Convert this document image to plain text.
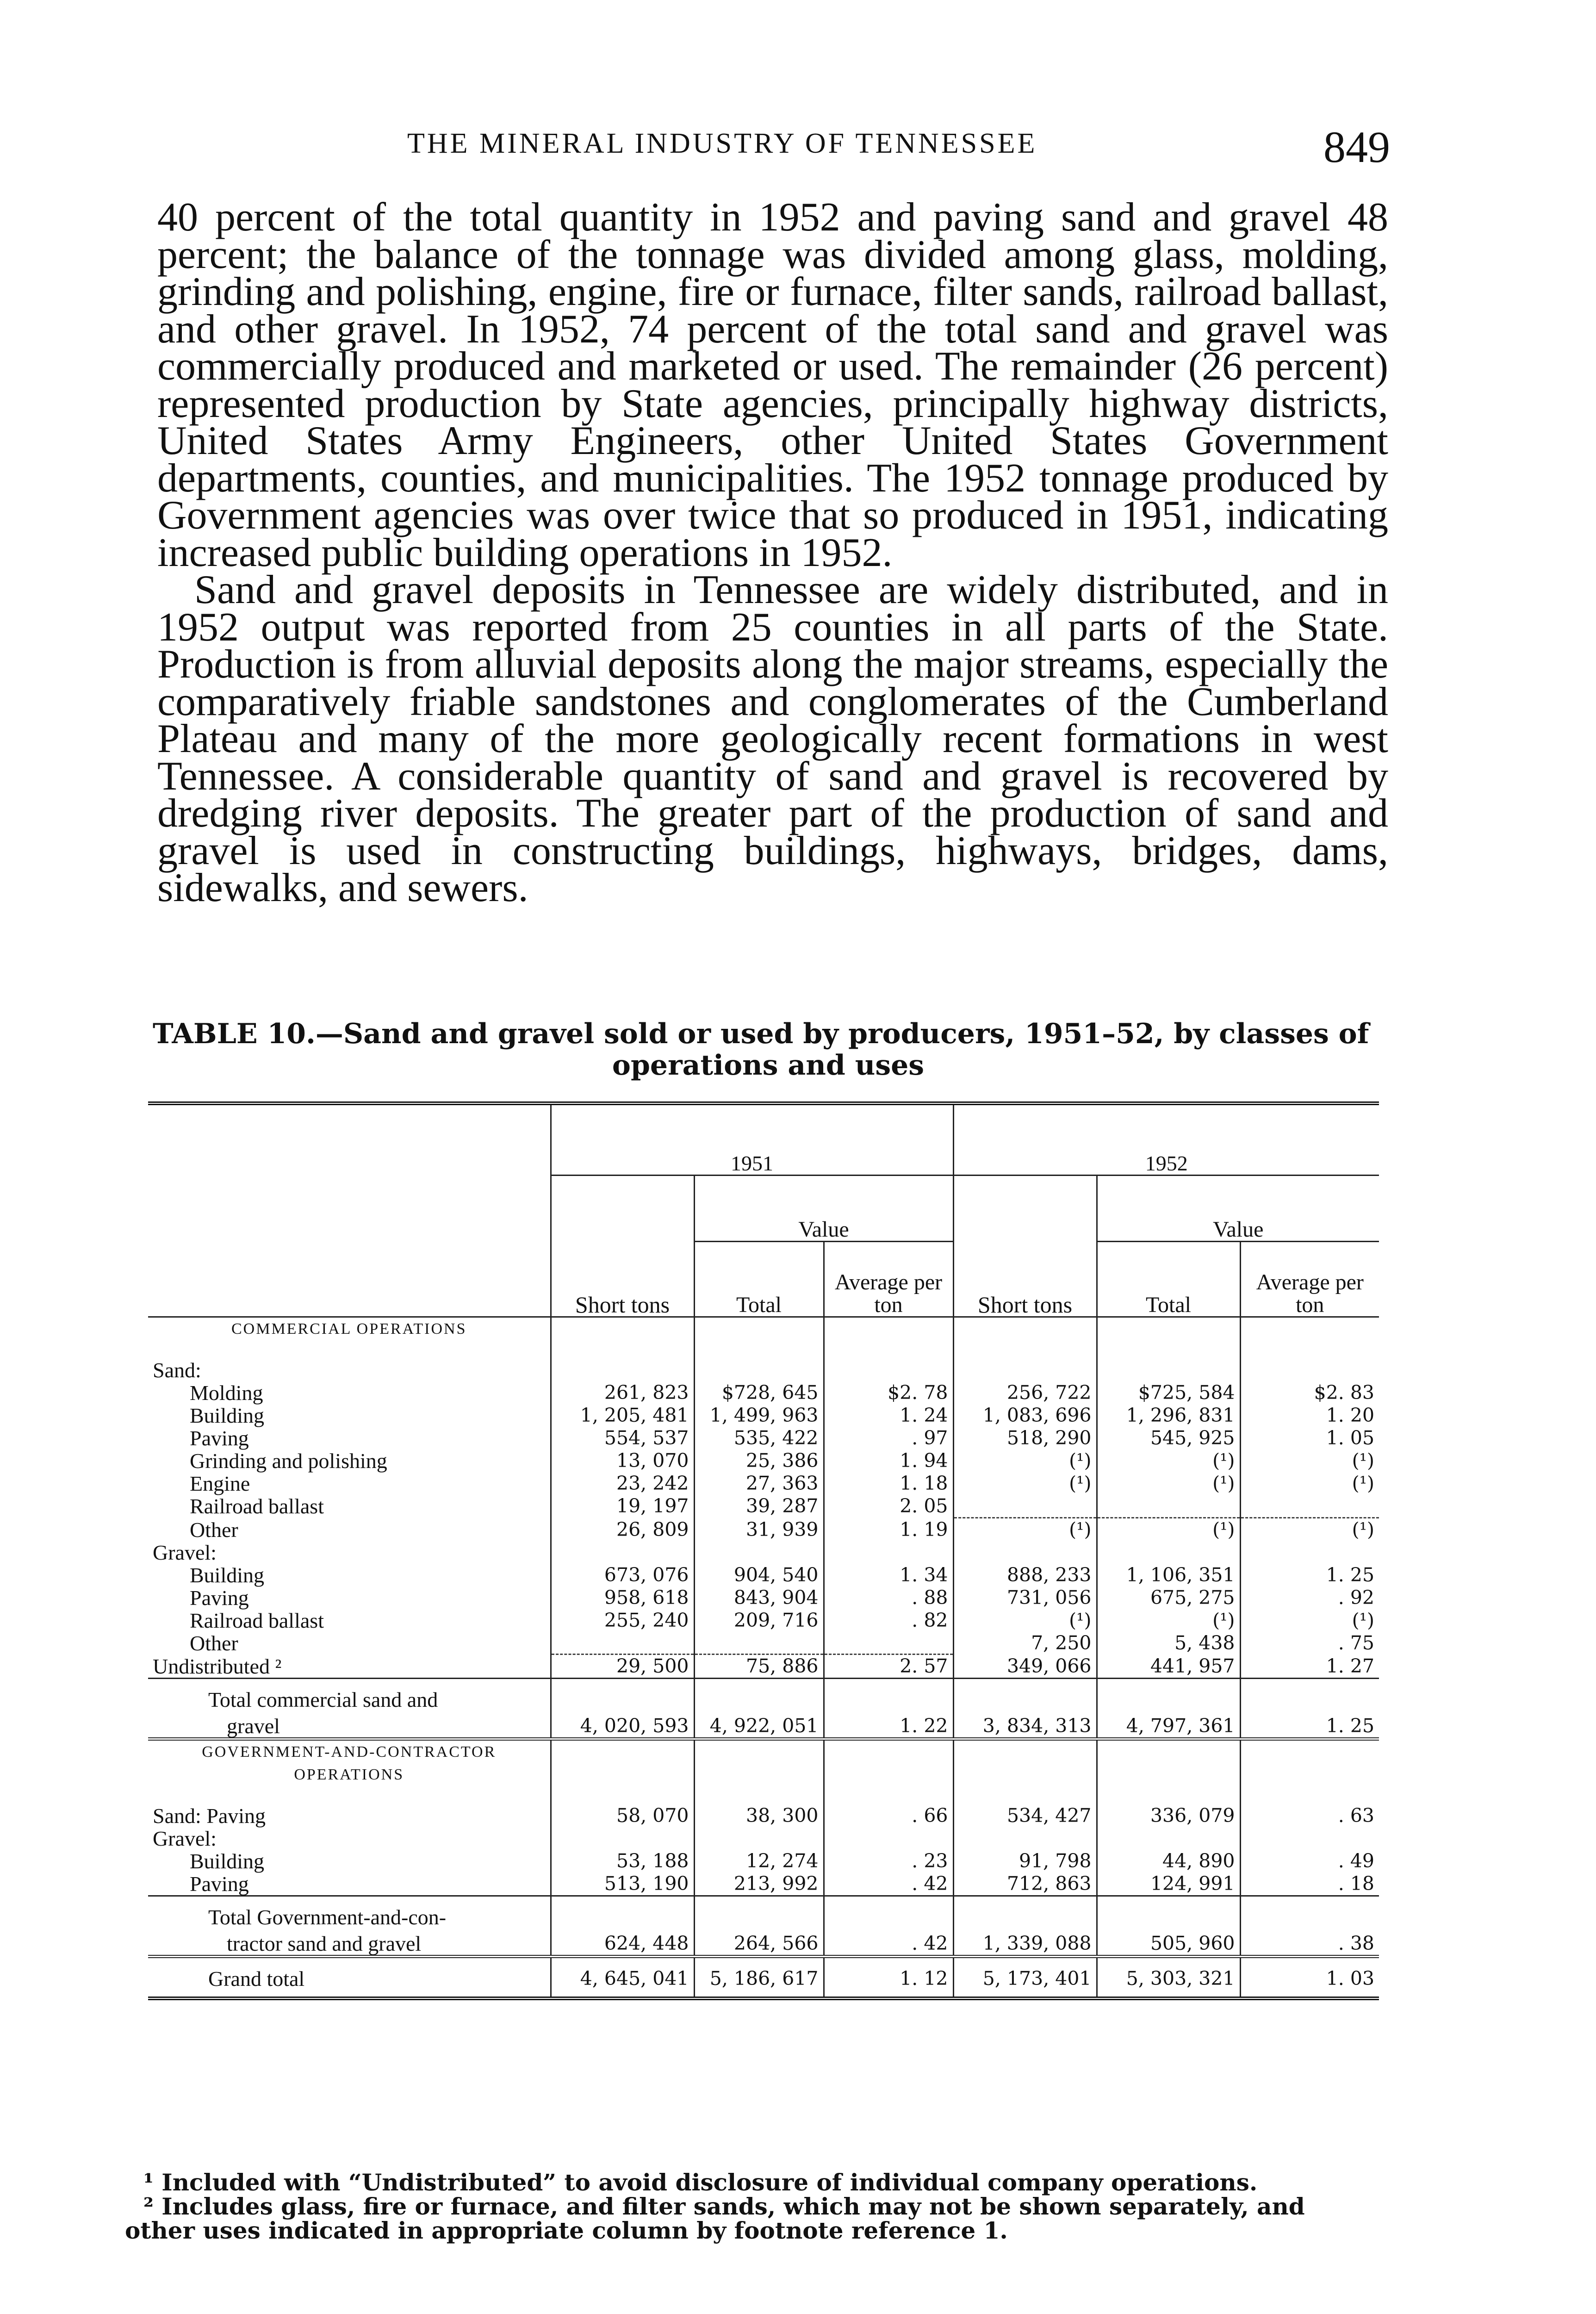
THE MINERAL INDUSTRY OF TENNESSEE	849

40 percent of the total quantity in 1952 and paving sand and gravel 48 percent; the balance of the tonnage was divided among glass, molding, grinding and polishing, engine, fire or furnace, filter sands, railroad ballast, and other gravel. In 1952, 74 percent of the total sand and gravel was commercially produced and marketed or used. The remainder (26 percent) represented production by State agencies, principally highway districts, United States Army Engineers, other United States Government departments, counties, and municipalities. The 1952 tonnage produced by Government agencies was over twice that so produced in 1951, indicating increased public building operations in 1952.

Sand and gravel deposits in Tennessee are widely distributed, and in 1952 output was reported from 25 counties in all parts of the State. Production is from alluvial deposits along the major streams, especially the comparatively friable sandstones and conglomerates of the Cumberland Plateau and many of the more geologically recent formations in west Tennessee. A considerable quantity of sand and gravel is recovered by dredging river deposits. The greater part of the production of sand and gravel is used in constructing buildings, highways, bridges, dams, sidewalks, and sewers.

TABLE 10.—Sand and gravel sold or used by producers, 1951–52, by classes of
operations and uses
	1951			1952		
	Short tons	Value		Short tons	Value	
		Total	Average per ton		Total	Average per ton
COMMERCIAL OPERATIONS						

Sand:						
Molding	261, 823	$728, 645	$2. 78	256, 722	$725, 584	$2. 83
Building	1, 205, 481	1, 499, 963	1. 24	1, 083, 696	1, 296, 831	1. 20
Paving	554, 537	535, 422	. 97	518, 290	545, 925	1. 05
Grinding and polishing	13, 070	25, 386	1. 94	(¹)	(¹)	(¹)
Engine	23, 242	27, 363	1. 18	(¹)	(¹)	(¹)
Railroad ballast	19, 197	39, 287	2. 05			
Other	26, 809	31, 939	1. 19	(¹)	(¹)	(¹)
Gravel:						
Building	673, 076	904, 540	1. 34	888, 233	1, 106, 351	1. 25
Paving	958, 618	843, 904	. 88	731, 056	675, 275	. 92
Railroad ballast	255, 240	209, 716	. 82	(¹)	(¹)	(¹)
Other				7, 250	5, 438	. 75
Undistributed ²	29, 500	75, 886	2. 57	349, 066	441, 957	1. 27
Total commercial sand and						
gravel	4, 020, 593	4, 922, 051	1. 22	3, 834, 313	4, 797, 361	1. 25
GOVERNMENT-AND-CONTRACTOR OPERATIONS						

Sand: Paving	58, 070	38, 300	. 66	534, 427	336, 079	. 63
Gravel:						
Building	53, 188	12, 274	. 23	91, 798	44, 890	. 49
Paving	513, 190	213, 992	. 42	712, 863	124, 991	. 18
Total Government-and-con-						
tractor sand and gravel	624, 448	264, 566	. 42	1, 339, 088	505, 960	. 38
Grand total	4, 645, 041	5, 186, 617	1. 12	5, 173, 401	5, 303, 321	1. 03

¹ Included with “Undistributed” to avoid disclosure of individual company operations.

² Includes glass, fire or furnace, and filter sands, which may not be shown separately, and other uses indicated in appropriate column by footnote reference 1.
